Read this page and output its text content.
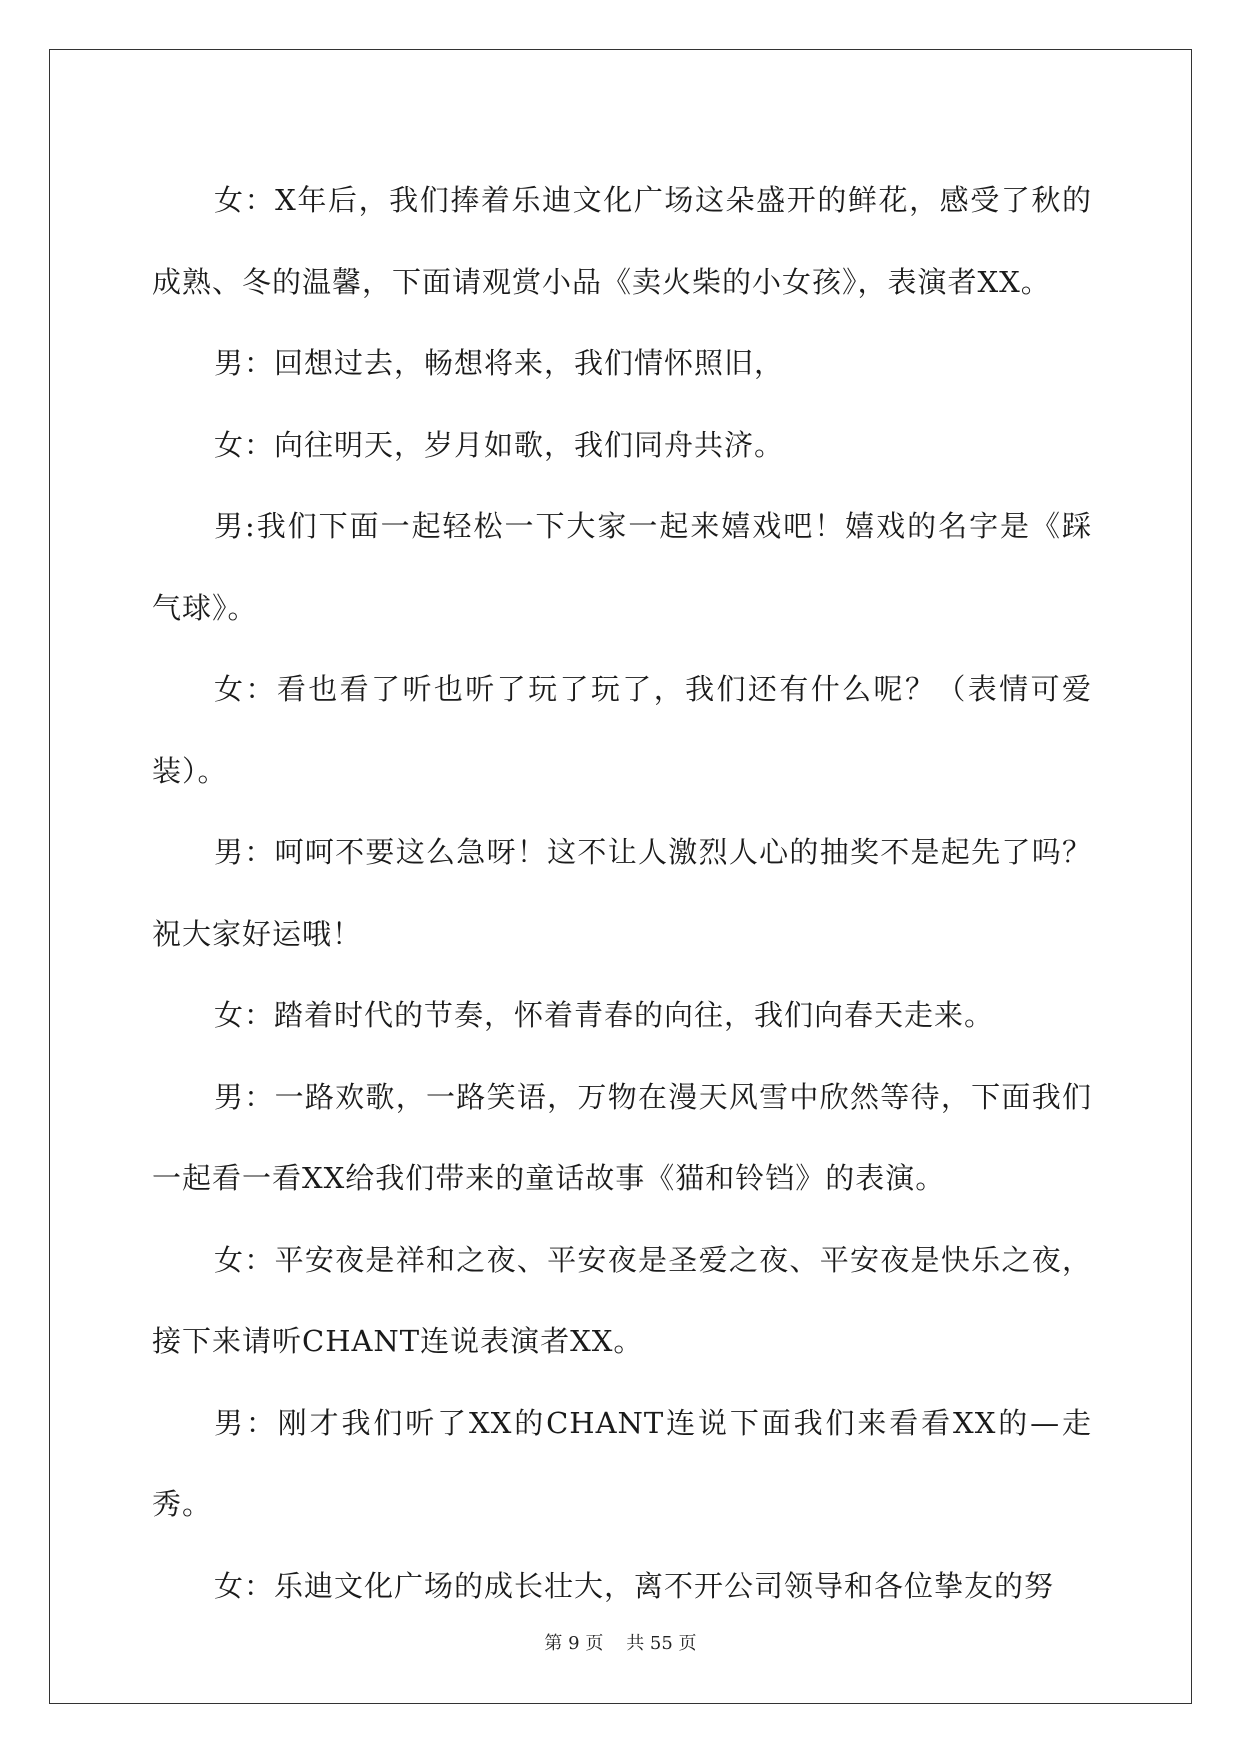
女：X年后，我们捧着乐迪文化广场这朵盛开的鲜花，感受了秋的成熟、冬的温馨，下面请观赏小品《卖火柴的小女孩》，表演者XX。

男：回想过去，畅想将来，我们情怀照旧，

女：向往明天，岁月如歌，我们同舟共济。

男:我们下面一起轻松一下大家一起来嬉戏吧！嬉戏的名字是《踩气球》。

女：看也看了听也听了玩了玩了，我们还有什么呢？（表情可爱装）。

男：呵呵不要这么急呀！这不让人激烈人心的抽奖不是起先了吗？祝大家好运哦！

女：踏着时代的节奏，怀着青春的向往，我们向春天走来。

男：一路欢歌，一路笑语，万物在漫天风雪中欣然等待，下面我们一起看一看XX给我们带来的童话故事《猫和铃铛》的表演。

女：平安夜是祥和之夜、平安夜是圣爱之夜、平安夜是快乐之夜，接下来请听CHANT连说表演者XX。

男：刚才我们听了XX的CHANT连说下面我们来看看XX的—走秀。

女：乐迪文化广场的成长壮大，离不开公司领导和各位挚友的努

第 9 页    共 55 页
